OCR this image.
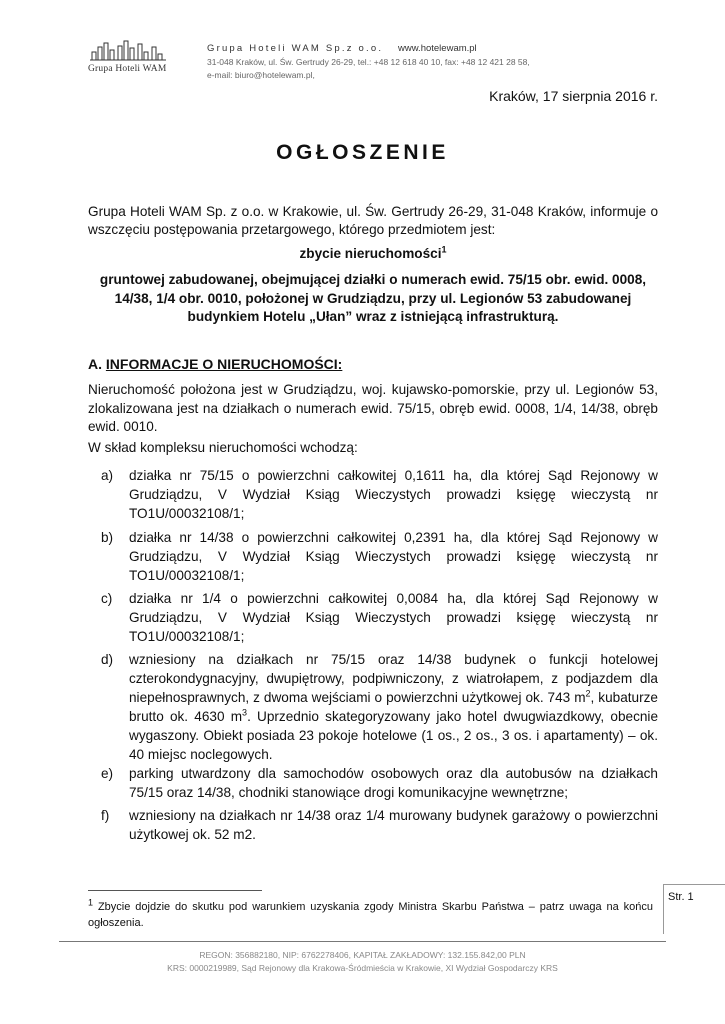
Grupa Hoteli WAM
Grupa Hoteli WAM Sp.z o.o. www.hotelewam.pl
31-048 Kraków, ul. Św. Gertrudy 26-29, tel.: +48 12 618 40 10, fax: +48 12 421 28 58,
e-mail: biuro@hotelewam.pl,
Kraków, 17 sierpnia 2016 r.
OGŁOSZENIE
Grupa Hoteli WAM Sp. z o.o. w Krakowie, ul. Św. Gertrudy 26-29, 31-048 Kraków, informuje o wszczęciu postępowania przetargowego, którego przedmiotem jest:
zbycie nieruchomości$^1$
gruntowej zabudowanej, obejmującej działki o numerach ewid. 75/15 obr. ewid. 0008, 14/38, 1/4 obr. 0010, położonej w Grudziądzu, przy ul. Legionów 53 zabudowanej budynkiem Hotelu „Ułan” wraz z istniejącą infrastrukturą.
A. INFORMACJE O NIERUCHOMOŚCI:
Nieruchomość położona jest w Grudziądzu, woj. kujawsko-pomorskie, przy ul. Legionów 53, zlokalizowana jest na działkach o numerach ewid. 75/15, obręb ewid. 0008, 1/4, 14/38, obręb ewid. 0010.
W skład kompleksu nieruchomości wchodzą:
a) działka nr 75/15 o powierzchni całkowitej 0,1611 ha, dla której Sąd Rejonowy w Grudziądzu, V Wydział Ksiąg Wieczystych prowadzi księgę wieczystą nr TO1U/00032108/1;
b) działka nr 14/38 o powierzchni całkowitej 0,2391 ha, dla której Sąd Rejonowy w Grudziądzu, V Wydział Ksiąg Wieczystych prowadzi księgę wieczystą nr TO1U/00032108/1;
c) działka nr 1/4 o powierzchni całkowitej 0,0084 ha, dla której Sąd Rejonowy w Grudziądzu, V Wydział Ksiąg Wieczystych prowadzi księgę wieczystą nr TO1U/00032108/1;
d) wzniesiony na działkach nr 75/15 oraz 14/38 budynek o funkcji hotelowej czterokondygnacyjny, dwupiętrowy, podpiwniczony, z wiatrołapem, z podjazdem dla niepełnosprawnych, z dwoma wejściami o powierzchni użytkowej ok. 743 $m^2$, kubaturze brutto ok. 4630 $m^3$. Uprzednio skategoryzowany jako hotel dwugwiazdkowy, obecnie wygaszony. Obiekt posiada 23 pokoje hotelowe (1 os., 2 os., 3 os. i apartamenty) – ok. 40 miejsc noclegowych.
e) parking utwardzony dla samochodów osobowych oraz dla autobusów na działkach 75/15 oraz 14/38, chodniki stanowiące drogi komunikacyjne wewnętrzne;
f) wzniesiony na działkach nr 14/38 oraz 1/4 murowany budynek garażowy o powierzchni użytkowej ok. 52 m2.
$^1$ Zbycie dojdzie do skutku pod warunkiem uzyskania zgody Ministra Skarbu Państwa – patrz uwaga na końcu ogłoszenia.
Str. 1
REGON: 356882180, NIP: 6762278406, KAPITAŁ ZAKŁADOWY: 132.155.842,00 PLN
KRS: 0000219989, Sąd Rejonowy dla Krakowa-Śródmieścia w Krakowie, XI Wydział Gospodarczy KRS
